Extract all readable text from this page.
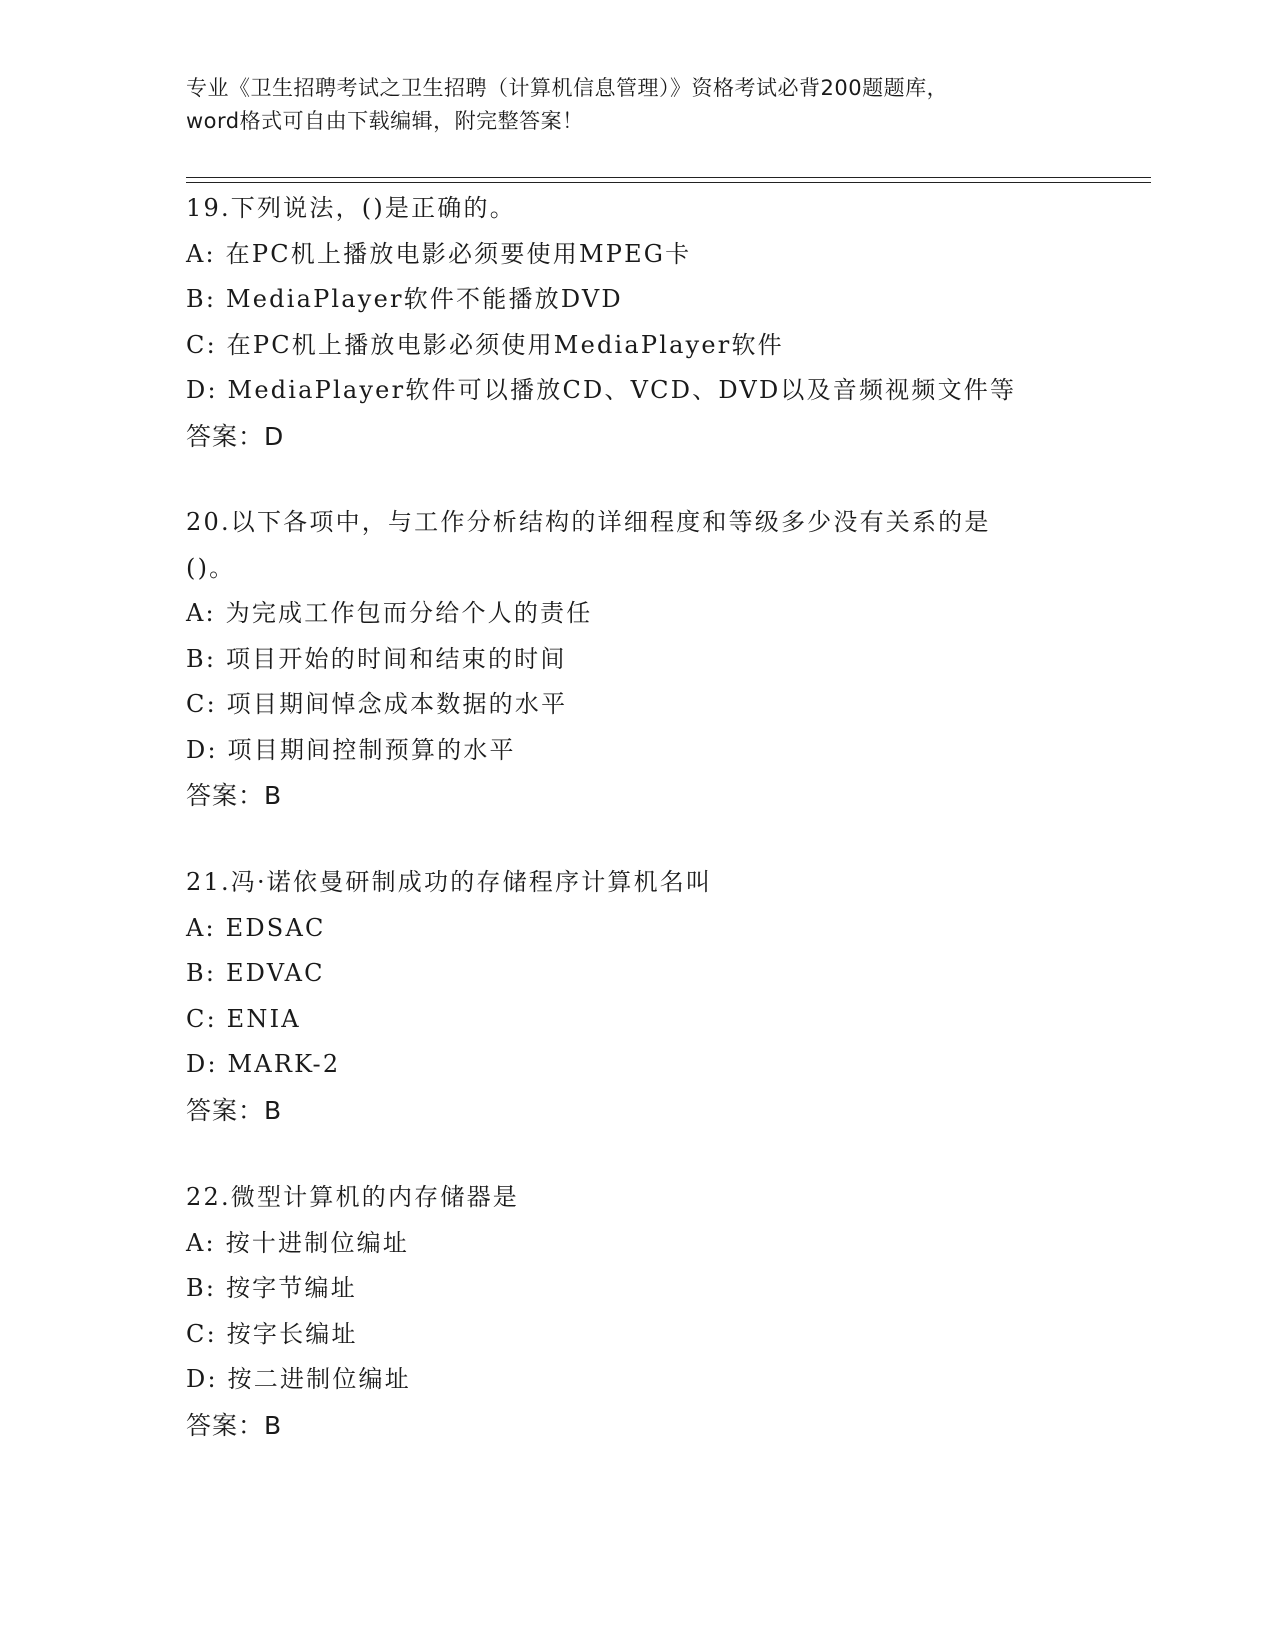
专业《卫生招聘考试之卫生招聘（计算机信息管理）》资格考试必背200题题库，
word格式可自由下载编辑，附完整答案！
19.下列说法，()是正确的。
A: 在PC机上播放电影必须要使用MPEG卡
B: MediaPlayer软件不能播放DVD
C: 在PC机上播放电影必须使用MediaPlayer软件
D: MediaPlayer软件可以播放CD、VCD、DVD以及音频视频文件等
答案：D
20.以下各项中，与工作分析结构的详细程度和等级多少没有关系的是
()。
A: 为完成工作包而分给个人的责任
B: 项目开始的时间和结束的时间
C: 项目期间悼念成本数据的水平
D: 项目期间控制预算的水平
答案：B
21.冯·诺依曼研制成功的存储程序计算机名叫
A: EDSAC
B: EDVAC
C: ENIA
D: MARK-2
答案：B
22.微型计算机的内存储器是
A: 按十进制位编址
B: 按字节编址
C: 按字长编址
D: 按二进制位编址
答案：B
